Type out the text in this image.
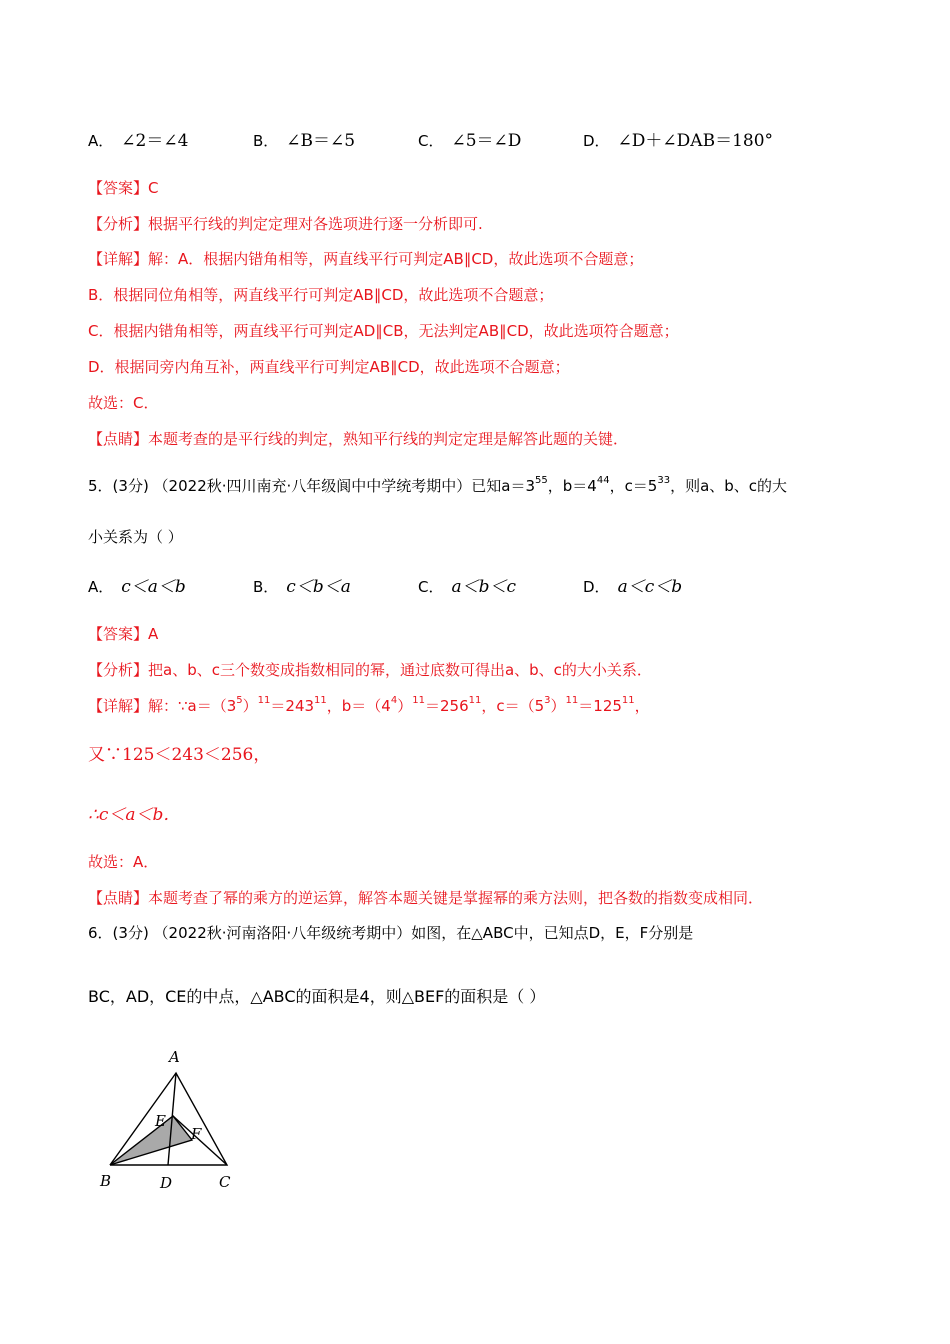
A． ∠2＝∠4	B． ∠B＝∠5	C． ∠5＝∠D	D． ∠D＋∠DAB＝180°
【答案】C
【分析】根据平行线的判定定理对各选项进行逐一分析即可.
【详解】解：A．根据内错角相等，两直线平行可判定AB∥CD，故此选项不合题意；
B．根据同位角相等，两直线平行可判定AB∥CD，故此选项不合题意；
C．根据内错角相等，两直线平行可判定AD∥CB，无法判定AB∥CD，故此选项符合题意；
D．根据同旁内角互补，两直线平行可判定AB∥CD，故此选项不合题意；
故选：C．
【点睛】本题考查的是平行线的判定，熟知平行线的判定定理是解答此题的关键．
5．(3分) （2022秋·四川南充·八年级阆中中学统考期中）已知$a=3^{55}$，$b=4^{44}$，$c=5^{33}$，则a、b、c的大
小关系为（ ）
A． c＜a＜b	B． c＜b＜a	C． a＜b＜c	D． a＜c＜b
【答案】A
【分析】把a、b、c三个数变成指数相同的幂，通过底数可得出a、b、c的大小关系．
【详解】解：$\because a=(3^5)^{11}=243^{11}$，$b=(4^4)^{11}=256^{11}$，$c=(5^3)^{11}=125^{11}$，
又∵125＜243＜256，
∴c＜a＜b．
故选：A．
【点睛】本题考查了幂的乘方的逆运算，解答本题关键是掌握幂的乘方法则，把各数的指数变成相同．
6．(3分) （2022秋·河南洛阳·八年级统考期中）如图，在△ABC中，已知点D，E，F分别是
BC，AD，CE的中点，△ABC的面积是4，则△BEF的面积是（ ）
A
E
F
B	D	C
